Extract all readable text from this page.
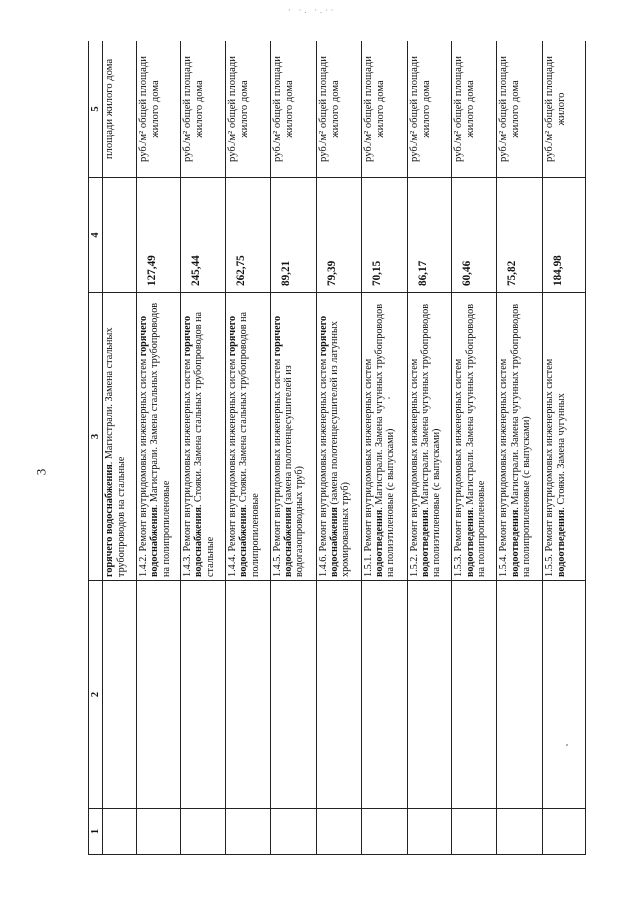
3
· ·. ·.··
1	2	3	4	5
		горячего водоснабжения. Магистрали. Замена стальных трубопроводов на стальные		площади жилого дома
		1.4.2. Ремонт внутридомовых инженерных систем горячего водоснабжения. Магистрали. Замена стальных трубопроводов на полипропиленовые	127,49	руб./м² общей площади жилого дома
		1.4.3. Ремонт внутридомовых инженерных систем горячего водоснабжения. Стояки. Замена стальных трубопроводов на стальные	245,44	руб./м² общей площади жилого дома
		1.4.4. Ремонт внутридомовых инженерных систем горячего водоснабжения. Стояки. Замена стальных трубопроводов на полипропиленовые	262,75	руб./м² общей площади жилого дома
		1.4.5. Ремонт внутридомовых инженерных систем горячего водоснабжения (замена полотенцесушителей из водогазопроводных труб)	89,21	руб./м² общей площади жилого дома
		1.4.6. Ремонт внутридомовых инженерных систем горячего водоснабжения (замена полотенцесушителей из латунных хромированных труб)	79,39	руб./м² общей площади жилого дома
		1.5.1. Ремонт внутридомовых инженерных систем водоотведения. Магистрали. Замена чугунных трубопроводов на полиэтиленовые (с выпусками)	70,15	руб./м² общей площади жилого дома
		1.5.2. Ремонт внутридомовых инженерных систем водоотведения. Магистрали. Замена чугунных трубопроводов на полиэтиленовые (с выпусками)	86,17	руб./м² общей площади жилого дома
		1.5.3. Ремонт внутридомовых инженерных систем водоотведения. Магистрали. Замена чугунных трубопроводов на полипропиленовые	60,46	руб./м² общей площади жилого дома
		1.5.4. Ремонт внутридомовых инженерных систем водоотведения. Магистрали. Замена чугунных трубопроводов на полипропиленовые (с выпусками)	75,82	руб./м² общей площади жилого дома
		1.5.5. Ремонт внутридомовых инженерных систем водоотведения. Стояки. Замена чугунных	184,98	руб./м² общей площади жилого
